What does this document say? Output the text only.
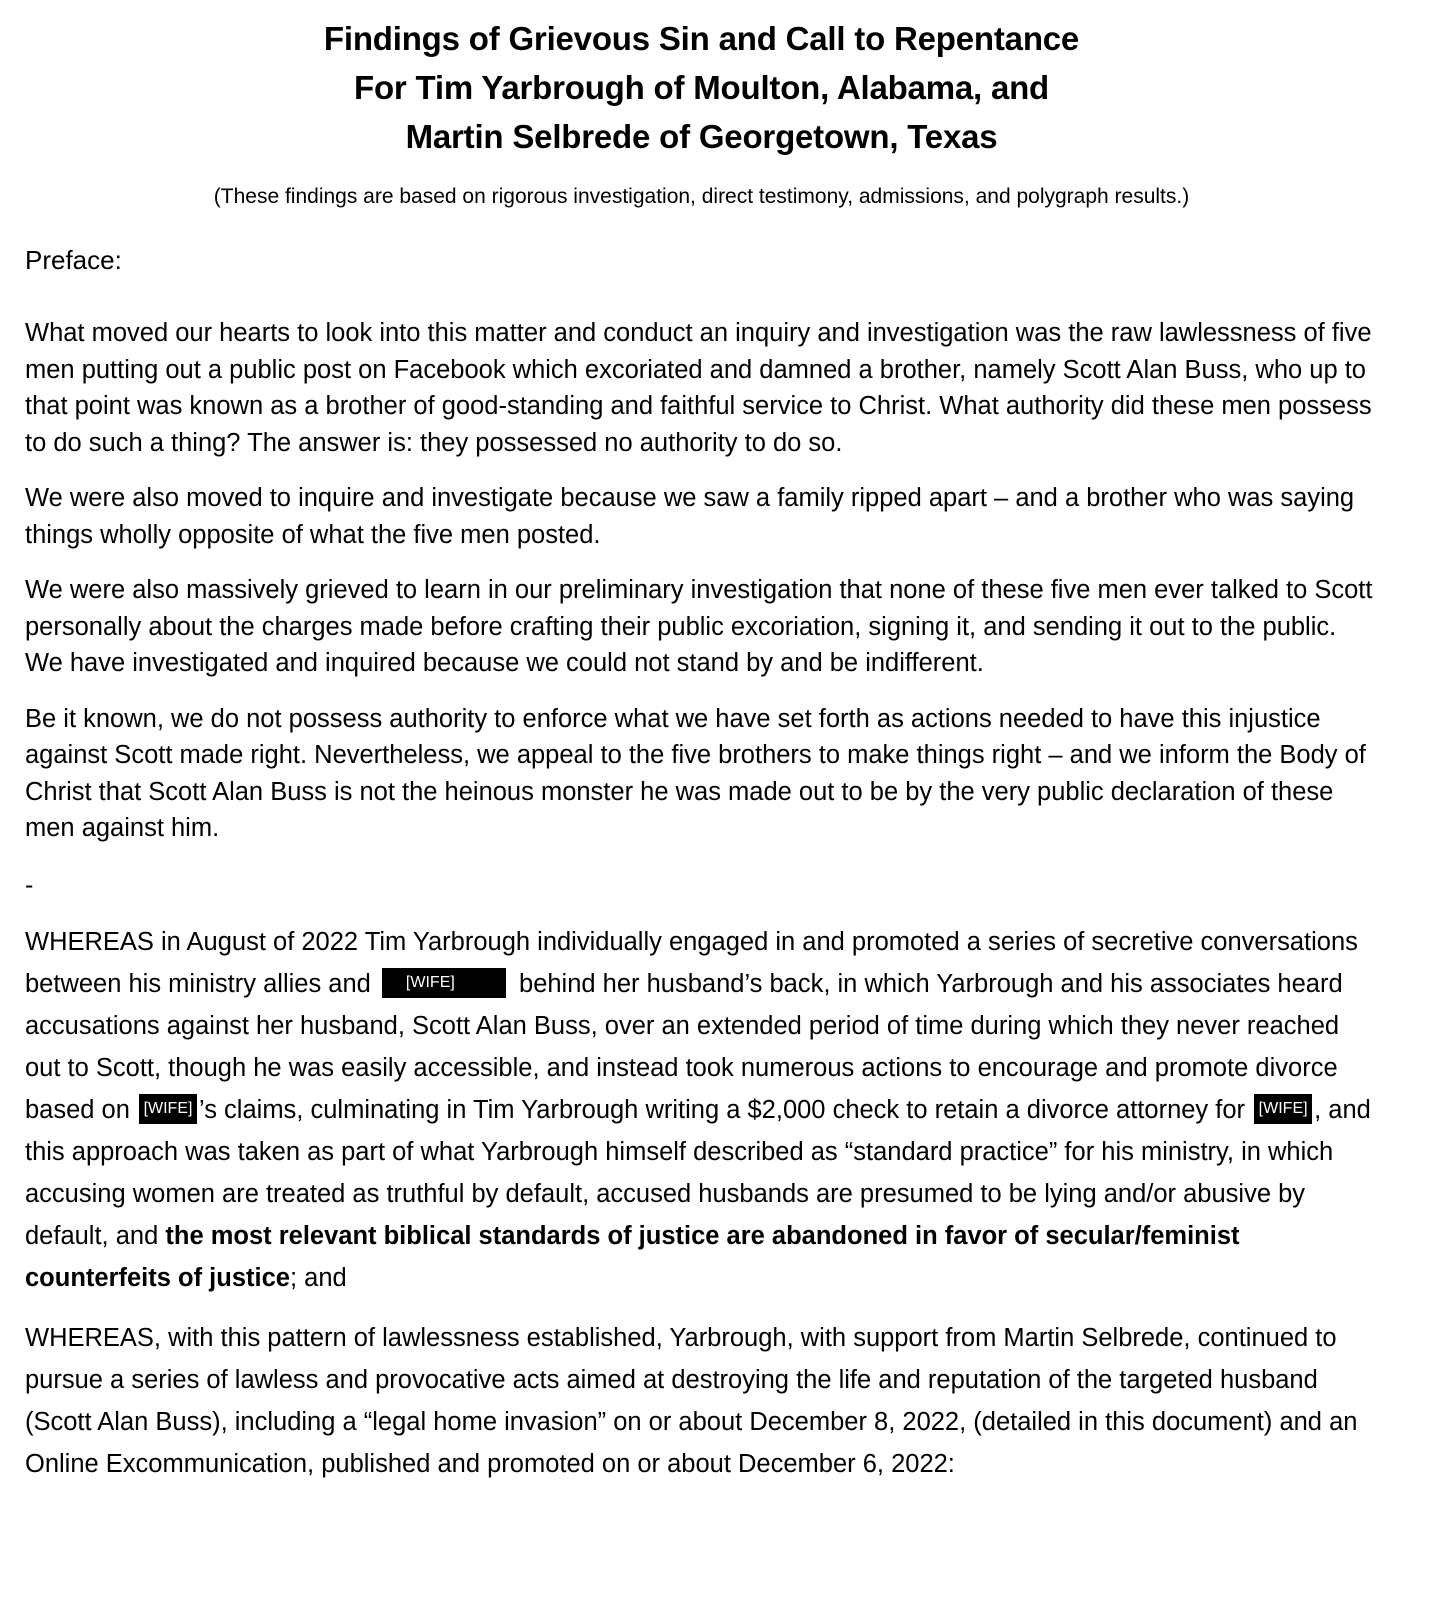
Findings of Grievous Sin and Call to Repentance
For Tim Yarbrough of Moulton, Alabama, and
Martin Selbrede of Georgetown, Texas

(These findings are based on rigorous investigation, direct testimony, admissions, and polygraph results.)

Preface:

What moved our hearts to look into this matter and conduct an inquiry and investigation was the raw lawlessness of five men putting out a public post on Facebook which excoriated and damned a brother, namely Scott Alan Buss, who up to that point was known as a brother of good-standing and faithful service to Christ. What authority did these men possess to do such a thing? The answer is: they possessed no authority to do so.

We were also moved to inquire and investigate because we saw a family ripped apart – and a brother who was saying things wholly opposite of what the five men posted.

We were also massively grieved to learn in our preliminary investigation that none of these five men ever talked to Scott personally about the charges made before crafting their public excoriation, signing it, and sending it out to the public. We have investigated and inquired because we could not stand by and be indifferent.

Be it known, we do not possess authority to enforce what we have set forth as actions needed to have this injustice against Scott made right. Nevertheless, we appeal to the five brothers to make things right – and we inform the Body of Christ that Scott Alan Buss is not the heinous monster he was made out to be by the very public declaration of these men against him.

-

WHEREAS in August of 2022 Tim Yarbrough individually engaged in and promoted a series of secretive conversations between his ministry allies and [WIFE] behind her husband’s back, in which Yarbrough and his associates heard accusations against her husband, Scott Alan Buss, over an extended period of time during which they never reached out to Scott, though he was easily accessible, and instead took numerous actions to encourage and promote divorce based on [WIFE] ’s claims, culminating in Tim Yarbrough writing a $2,000 check to retain a divorce attorney for [WIFE] , and this approach was taken as part of what Yarbrough himself described as “standard practice” for his ministry, in which accusing women are treated as truthful by default, accused husbands are presumed to be lying and/or abusive by default, and the most relevant biblical standards of justice are abandoned in favor of secular/feminist counterfeits of justice; and

WHEREAS, with this pattern of lawlessness established, Yarbrough, with support from Martin Selbrede, continued to pursue a series of lawless and provocative acts aimed at destroying the life and reputation of the targeted husband (Scott Alan Buss), including a “legal home invasion” on or about December 8, 2022, (detailed in this document) and an Online Excommunication, published and promoted on or about December 6, 2022:
